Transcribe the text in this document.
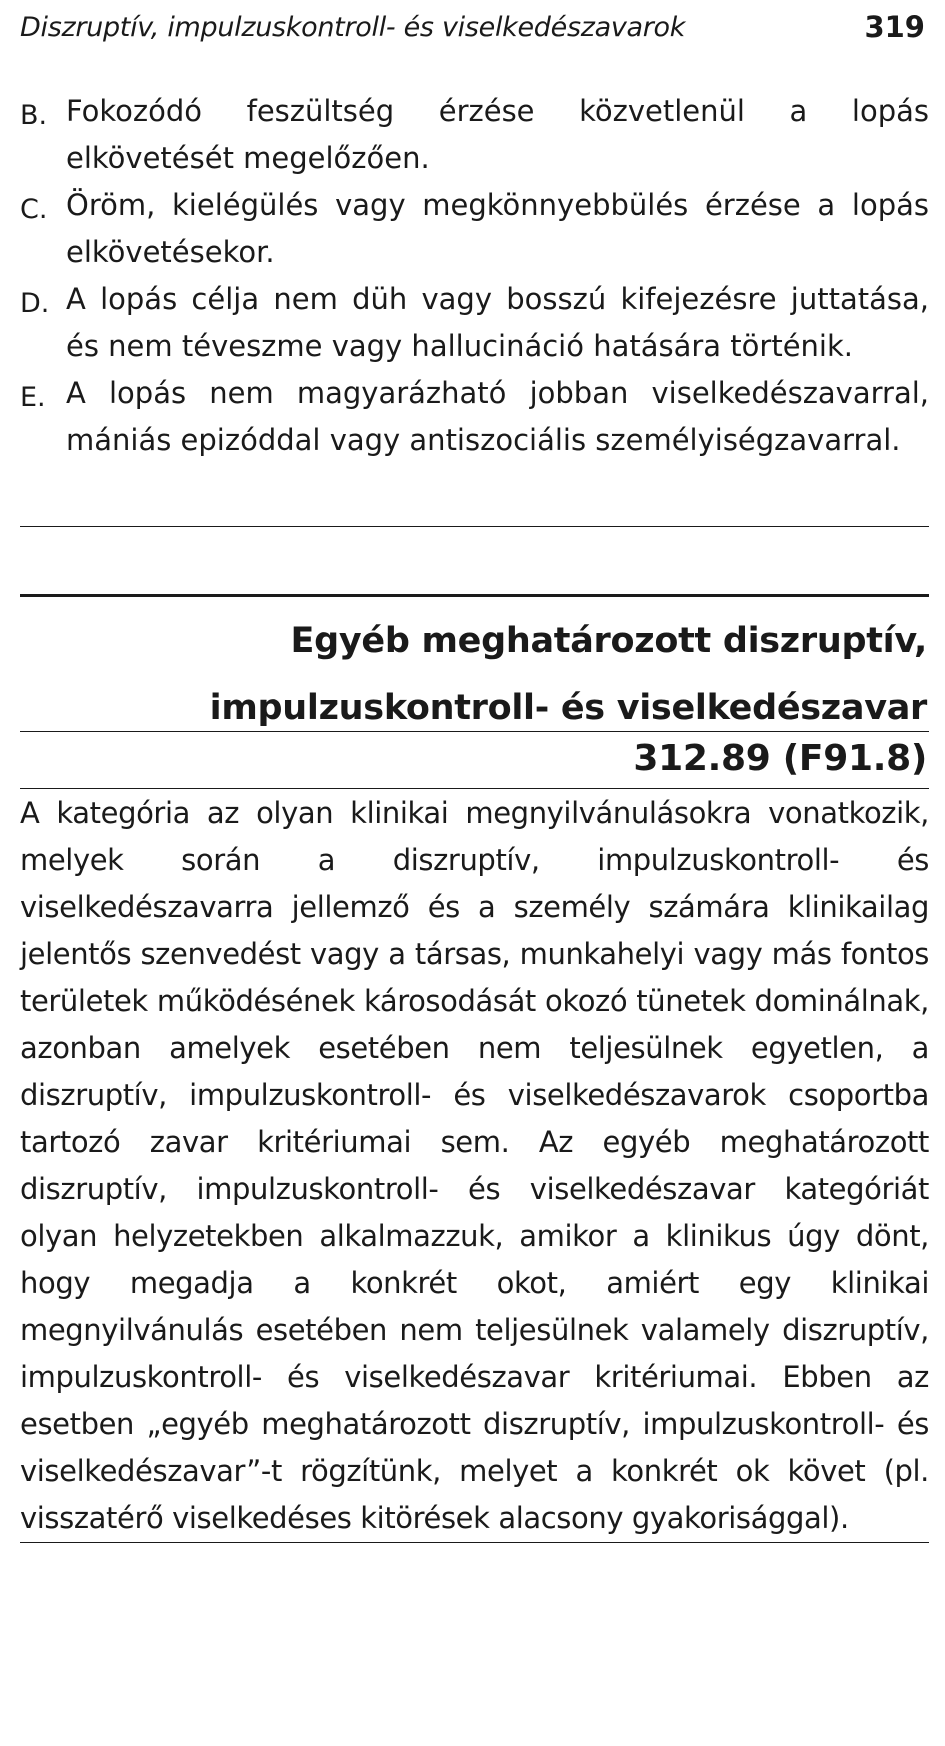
Diszruptív, impulzuskontroll- és viselkedészavarok	319
B. Fokozódó feszültség érzése közvetlenül a lopás elkövetését megelőzően.
C. Öröm, kielégülés vagy megkönnyebbülés érzése a lopás elkövetésekor.
D. A lopás célja nem düh vagy bosszú kifejezésre juttatása, és nem téveszme vagy hallucináció hatására történik.
E. A lopás nem magyarázható jobban viselkedészavarral, mániás epizóddal vagy antiszociális személyiségzavarral.
Egyéb meghatározott diszruptív,
impulzuskontroll- és viselkedészavar
312.89 (F91.8)

A kategória az olyan klinikai megnyilvánulásokra vonatkozik, melyek során a diszruptív, impulzuskontroll- és viselkedészavarra jellemző és a személy számára klinikailag jelentős szenvedést vagy a társas, munkahelyi vagy más fontos területek működésének károsodását okozó tünetek dominálnak, azonban amelyek esetében nem teljesülnek egyetlen, a diszruptív, impulzuskontroll- és viselkedészavarok csoportba tartozó zavar kritériumai sem. Az egyéb meghatározott diszruptív, impulzuskontroll- és viselkedészavar kategóriát olyan helyzetekben alkalmazzuk, amikor a klinikus úgy dönt, hogy megadja a konkrét okot, amiért egy klinikai megnyilvánulás esetében nem teljesülnek valamely diszruptív, impulzuskontroll- és viselkedészavar kritériumai. Ebben az esetben „egyéb meghatározott diszruptív, impulzuskontroll- és viselkedészavar”-t rögzítünk, melyet a konkrét ok követ (pl. visszatérő viselkedéses kitörések alacsony gyakorisággal).
